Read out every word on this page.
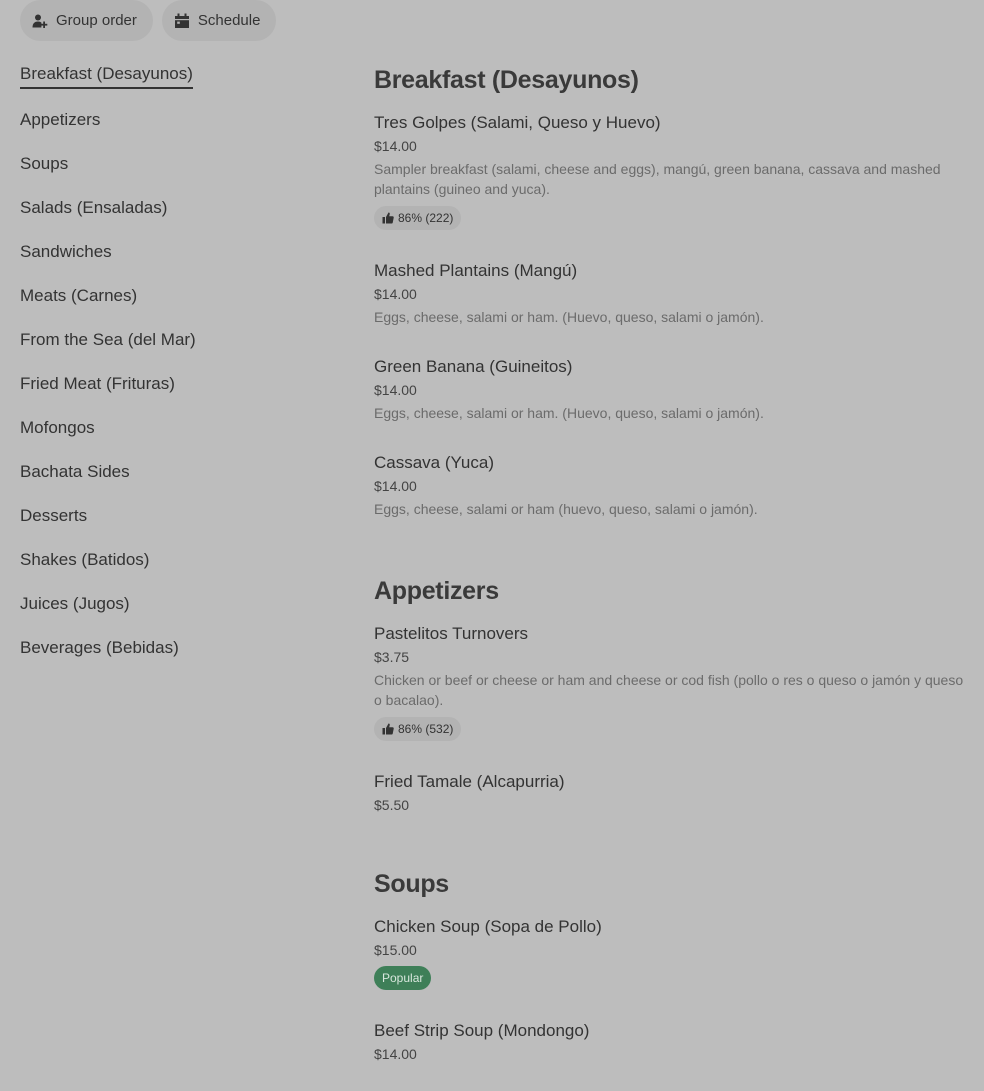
Group order	Schedule
Breakfast (Desayunos)
Appetizers
Soups
Salads (Ensaladas)
Sandwiches
Meats (Carnes)
From the Sea (del Mar)
Fried Meat (Frituras)
Mofongos
Bachata Sides
Desserts
Shakes (Batidos)
Juices (Jugos)
Beverages (Bebidas)
Breakfast (Desayunos)
Tres Golpes (Salami, Queso y Huevo)
$14.00
Sampler breakfast (salami, cheese and eggs), mangú, green banana, cassava and mashed plantains (guineo and yuca).
86% (222)
Mashed Plantains (Mangú)
$14.00
Eggs, cheese, salami or ham. (Huevo, queso, salami o jamón).
Green Banana (Guineitos)
$14.00
Eggs, cheese, salami or ham. (Huevo, queso, salami o jamón).
Cassava (Yuca)
$14.00
Eggs, cheese, salami or ham (huevo, queso, salami o jamón).
Appetizers
Pastelitos Turnovers
$3.75
Chicken or beef or cheese or ham and cheese or cod fish (pollo o res o queso o jamón y queso o bacalao).
86% (532)
Fried Tamale (Alcapurria)
$5.50
Soups
Chicken Soup (Sopa de Pollo)
$15.00
Popular
Beef Strip Soup (Mondongo)
$14.00
